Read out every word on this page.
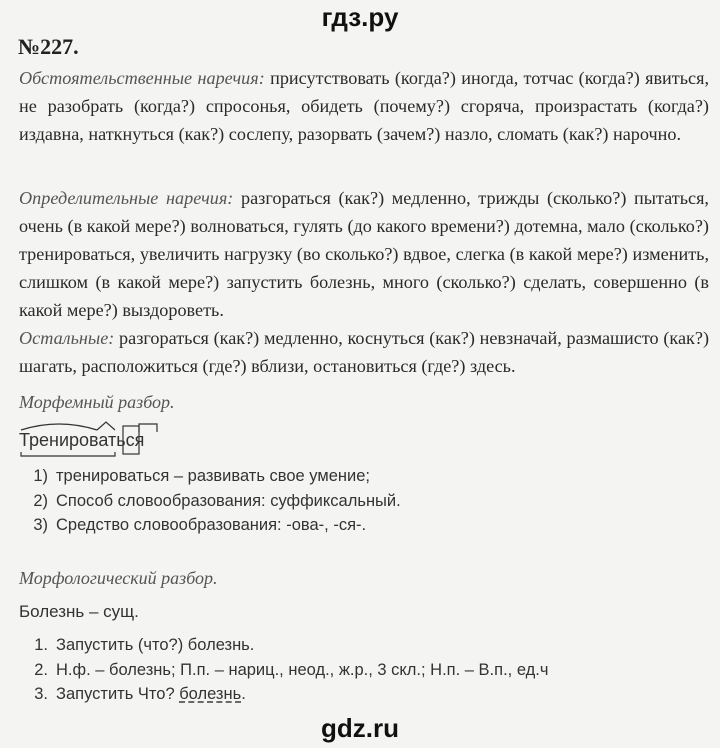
гдз.ру
№227.
Обстоятельственные наречия: присутствовать (когда?) иногда, тотчас (когда?) явиться, не разобрать (когда?) спросонья, обидеть (почему?) сгоряча, произрастать (когда?) издавна, наткнуться (как?) сослепу, разорвать (зачем?) назло, сломать (как?) нарочно.
Определительные наречия: разгораться (как?) медленно, трижды (сколько?) пытаться, очень (в какой мере?) волноваться, гулять (до какого времени?) дотемна, мало (сколько?) тренироваться, увеличить нагрузку (во сколько?) вдвое, слегка (в какой мере?) изменить, слишком (в какой мере?) запустить болезнь, много (сколько?) сделать, совершенно (в какой мере?) выздороветь.
Остальные: разгораться (как?) медленно, коснуться (как?) невзначай, размашисто (как?) шагать, расположиться (где?) вблизи, остановиться (где?) здесь.
Морфемный разбор.
Тренироваться
1) тренироваться – развивать свое умение;
2) Способ словообразования: суффиксальный.
3) Средство словообразования: -ова-, -ся-.
Морфологический разбор.
Болезнь – сущ.
1. Запустить (что?) болезнь.
2. Н.ф. – болезнь; П.п. – нариц., неод., ж.р., 3 скл.; Н.п. – В.п., ед.ч
3. Запустить Что? болезнь.
gdz.ru
